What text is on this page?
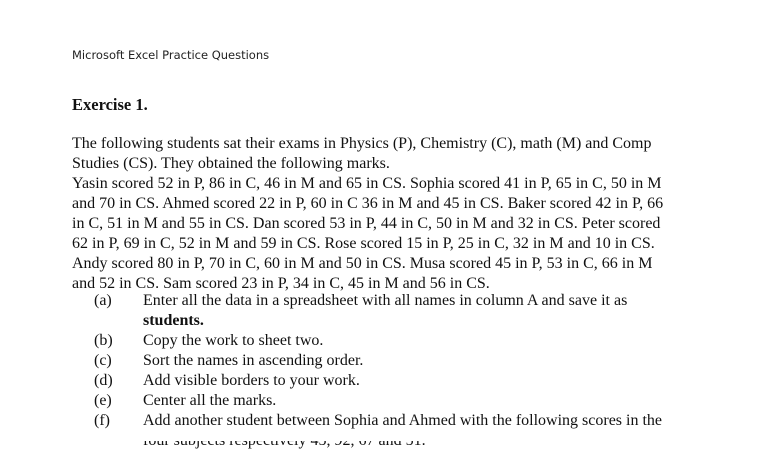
Microsoft Excel Practice Questions
Exercise 1.
The following students sat their exams in Physics (P), Chemistry (C), math (M) and Comp
Studies (CS). They obtained the following marks.
Yasin scored 52 in P, 86 in C, 46 in M and 65 in CS. Sophia scored 41 in P, 65 in C, 50 in M
and 70 in CS. Ahmed scored 22 in P, 60 in C 36 in M and 45 in CS. Baker scored 42 in P, 66
in C, 51 in M and 55 in CS. Dan scored 53 in P, 44 in C, 50 in M and 32 in CS. Peter scored
62 in P, 69 in C, 52 in M and 59 in CS. Rose scored 15 in P, 25 in C, 32 in M and 10 in CS.
Andy scored 80 in P, 70 in C, 60 in M and 50 in CS. Musa scored 45 in P, 53 in C, 66 in M
and 52 in CS. Sam scored 23 in P, 34 in C, 45 in M and 56 in CS.
(a) Enter all the data in a spreadsheet with all names in column A and save it as
students.
(b) Copy the work to sheet two.
(c) Sort the names in ascending order.
(d) Add visible borders to your work.
(e) Center all the marks.
(f) Add another student between Sophia and Ahmed with the following scores in the
